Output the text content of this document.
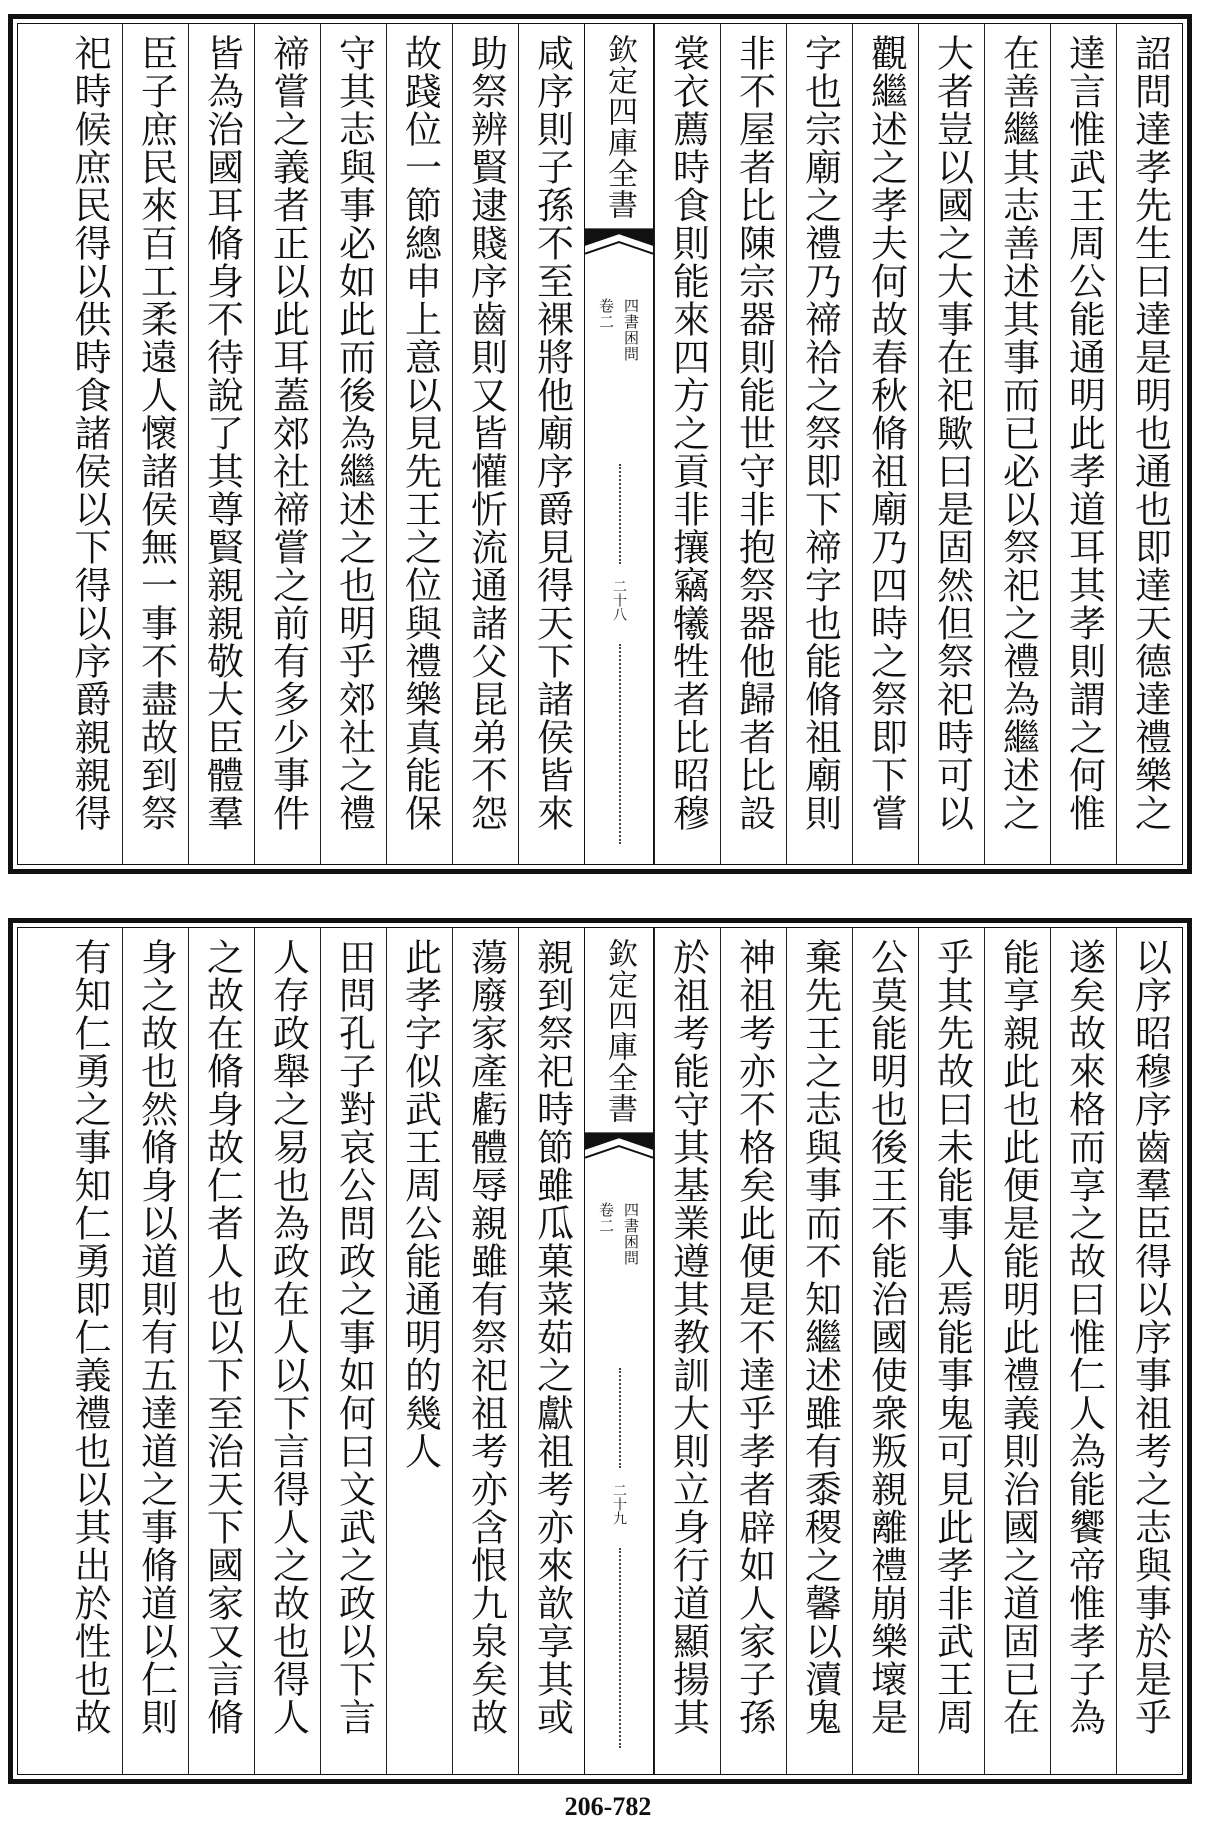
詔問達孝先生曰達是明也通也即達天德達禮樂之
達言惟武王周公能通明此孝道耳其孝則謂之何惟
在善繼其志善述其事而已必以祭祀之禮為繼述之
大者豈以國之大事在祀歟曰是固然但祭祀時可以
觀繼述之孝夫何故春秋脩祖廟乃四時之祭即下嘗
字也宗廟之禮乃禘祫之祭即下禘字也能脩祖廟則
非不屋者比陳宗器則能世守非抱祭器他歸者比設
裳衣薦時食則能來四方之貢非攘竊犧牲者比昭穆
欽定四庫全書
四書困問
卷二
二十八
咸序則子孫不至裸將他廟序爵見得天下諸侯皆來
助祭辨賢逮賤序齒則又皆懽忻流通諸父昆弟不怨
故踐位一節總申上意以見先王之位與禮樂真能保
守其志與事必如此而後為繼述之也明乎郊社之禮
禘嘗之義者正以此耳蓋郊社禘嘗之前有多少事件
皆為治國耳脩身不待說了其尊賢親親敬大臣體羣
臣子庶民來百工柔遠人懷諸侯無一事不盡故到祭
祀時候庶民得以供時食諸侯以下得以序爵親親得
以序昭穆序齒羣臣得以序事祖考之志與事於是乎
遂矣故來格而享之故曰惟仁人為能饗帝惟孝子為
能享親此也此便是能明此禮義則治國之道固已在
乎其先故曰未能事人焉能事鬼可見此孝非武王周
公莫能明也後王不能治國使衆叛親離禮崩樂壞是
棄先王之志與事而不知繼述雖有黍稷之馨以瀆鬼
神祖考亦不格矣此便是不達乎孝者辟如人家子孫
於祖考能守其基業遵其教訓大則立身行道顯揚其
欽定四庫全書
四書困問
卷二
二十九
親到祭祀時節雖瓜菓菜茹之獻祖考亦來歆享其或
蕩廢家產虧體辱親雖有祭祀祖考亦含恨九泉矣故
此孝字似武王周公能通明的幾人
田問孔子對哀公問政之事如何曰文武之政以下言
人存政舉之易也為政在人以下言得人之故也得人
之故在脩身故仁者人也以下至治天下國家又言脩
身之故也然脩身以道則有五達道之事脩道以仁則
有知仁勇之事知仁勇即仁義禮也以其出於性也故
206-782
